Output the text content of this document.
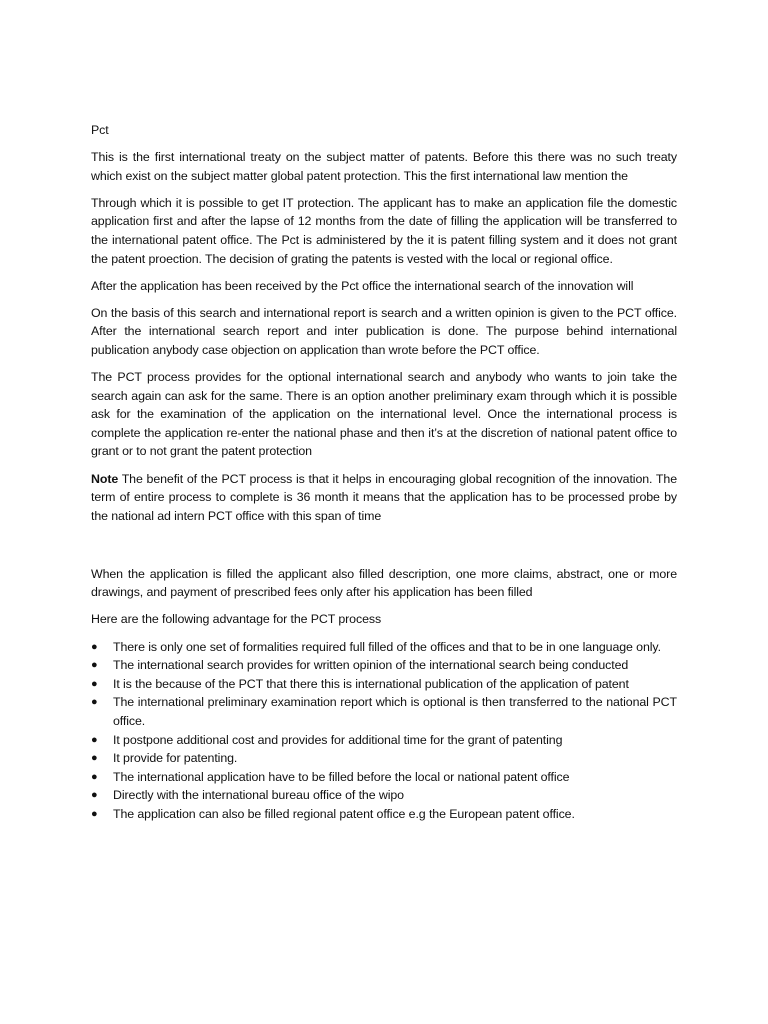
Pct

This is the first international treaty on the subject matter of patents. Before this there was no such treaty which exist on the subject matter global patent protection. This the first international law mention the

Through which it is possible to get IT protection. The applicant has to make an application file the domestic application first and after the lapse of 12 months from the date of filling the application will be transferred to the international patent office. The Pct is administered by the it is patent filling system and it does not grant the patent proection. The decision of grating the patents is vested with the local or regional office.

After the application has been received by the Pct office the international search of the innovation will

On the basis of this search and international report is search and a written opinion is given to the PCT office. After the international search report and inter publication is done. The purpose behind international publication anybody case objection on application than wrote before the PCT office.

The PCT process provides for the optional international search and anybody who wants to join take the search again can ask for the same. There is an option another preliminary exam through which it is possible ask for the examination of the application on the international level. Once the international process is complete the application re-enter the national phase and then it’s at the discretion of national patent office to grant or to not grant the patent protection

Note The benefit of the PCT process is that it helps in encouraging global recognition of the innovation. The term of entire process to complete is 36 month it means that the application has to be processed probe by the national ad intern PCT office with this span of time

When the application is filled the applicant also filled description, one more claims, abstract, one or more drawings, and payment of prescribed fees only after his application has been filled

Here are the following advantage for the PCT process

●	There is only one set of formalities required full filled of the offices and that to be in one language only.
●	The international search provides for written opinion of the international search being conducted
●	It is the because of the PCT that there this is international publication of the application of patent
●	The international preliminary examination report which is optional is then transferred to the national PCT office.
●	It postpone additional cost and provides for additional time for the grant of patenting
●	It provide for patenting.
●	The international application have to be filled before the local or national patent office
●	Directly with the international bureau office of the wipo
●	The application can also be filled regional patent office e.g the European patent office.
